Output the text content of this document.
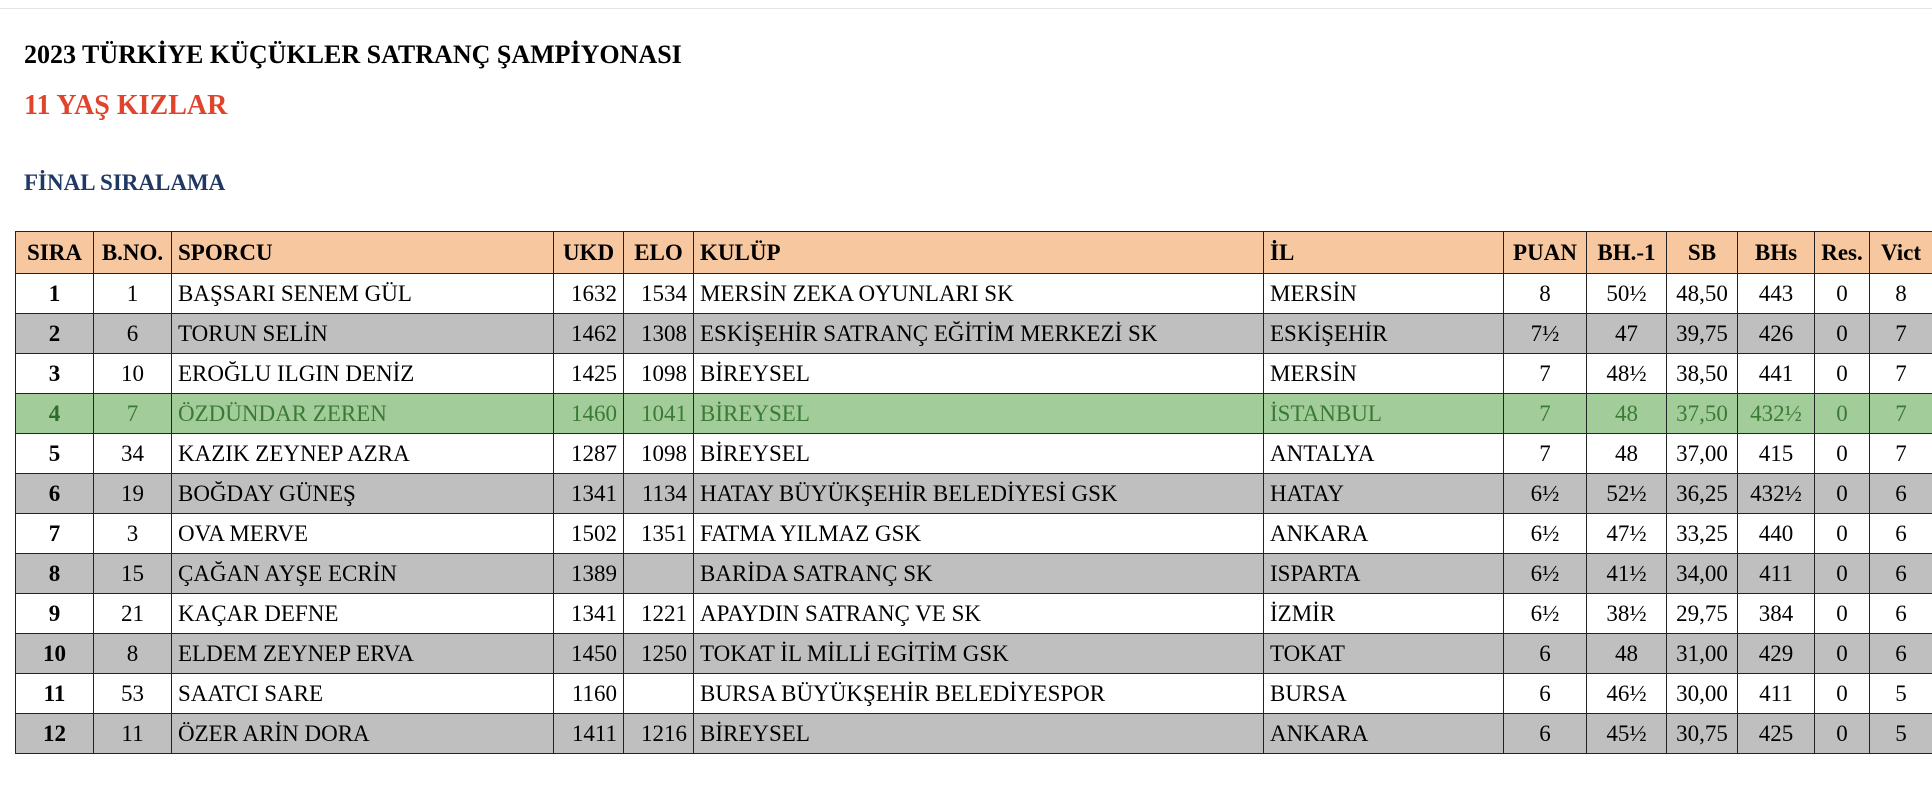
2023 TÜRKİYE KÜÇÜKLER SATRANÇ ŞAMPİYONASI
11 YAŞ KIZLAR
FİNAL SIRALAMA
SIRA	B.NO.	SPORCU	UKD	ELO	KULÜP	İL	PUAN	BH.-1	SB	BHs	Res.	Vict
1	1	BAŞSARI SENEM GÜL	1632	1534	MERSİN ZEKA OYUNLARI SK	MERSİN	8	50½	48,50	443	0	8
2	6	TORUN SELİN	1462	1308	ESKİŞEHİR SATRANÇ EĞİTİM MERKEZİ SK	ESKİŞEHİR	7½	47	39,75	426	0	7
3	10	EROĞLU ILGIN DENİZ	1425	1098	BİREYSEL	MERSİN	7	48½	38,50	441	0	7
4	7	ÖZDÜNDAR ZEREN	1460	1041	BİREYSEL	İSTANBUL	7	48	37,50	432½	0	7
5	34	KAZIK ZEYNEP AZRA	1287	1098	BİREYSEL	ANTALYA	7	48	37,00	415	0	7
6	19	BOĞDAY GÜNEŞ	1341	1134	HATAY BÜYÜKŞEHİR BELEDİYESİ GSK	HATAY	6½	52½	36,25	432½	0	6
7	3	OVA MERVE	1502	1351	FATMA YILMAZ GSK	ANKARA	6½	47½	33,25	440	0	6
8	15	ÇAĞAN AYŞE ECRİN	1389		BARİDA SATRANÇ SK	ISPARTA	6½	41½	34,00	411	0	6
9	21	KAÇAR DEFNE	1341	1221	APAYDIN SATRANÇ VE SK	İZMİR	6½	38½	29,75	384	0	6
10	8	ELDEM ZEYNEP ERVA	1450	1250	TOKAT İL MİLLİ EGİTİM GSK	TOKAT	6	48	31,00	429	0	6
11	53	SAATCI SARE	1160		BURSA BÜYÜKŞEHİR BELEDİYESPOR	BURSA	6	46½	30,00	411	0	5
12	11	ÖZER ARİN DORA	1411	1216	BİREYSEL	ANKARA	6	45½	30,75	425	0	5
